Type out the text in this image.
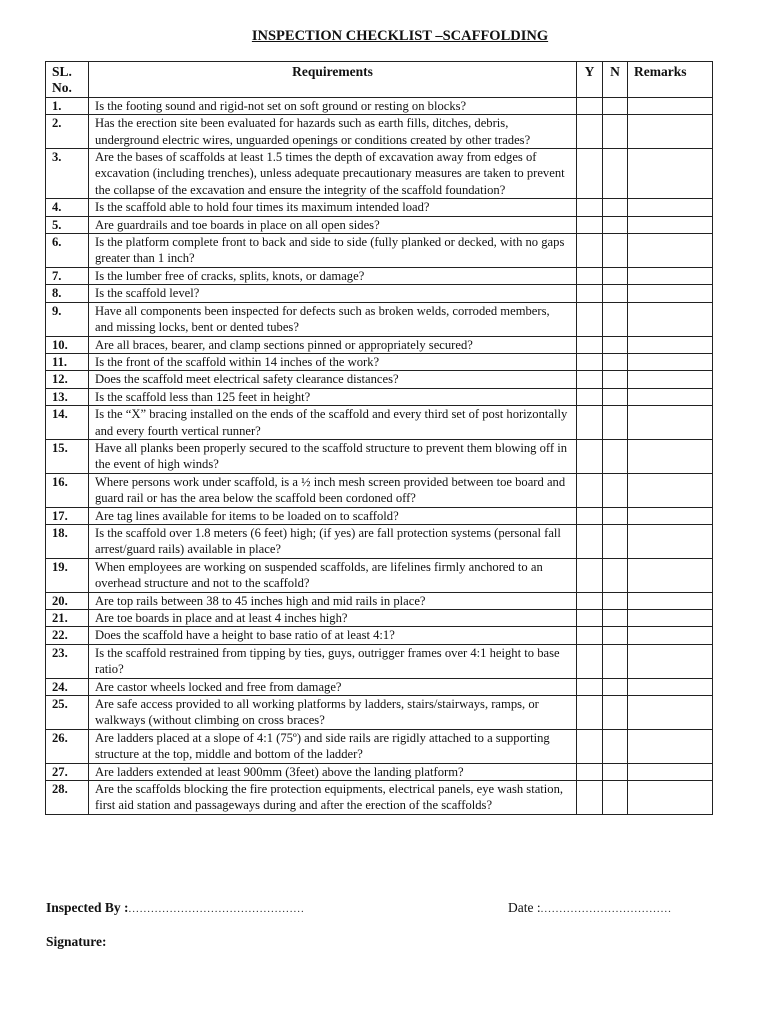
INSPECTION CHECKLIST –SCAFFOLDING
SL. No.	Requirements	Y	N	Remarks
1.	Is the footing sound and rigid-not set on soft ground or resting on blocks?			
2.	Has the erection site been evaluated for hazards such as earth fills, ditches, debris, underground electric wires, unguarded openings or conditions created by other trades?			
3.	Are the bases of scaffolds at least 1.5 times the depth of excavation away from edges of excavation (including trenches), unless adequate precautionary measures are taken to prevent the collapse of the excavation and ensure the integrity of the scaffold foundation?			
4.	Is the scaffold able to hold four times its maximum intended load?			
5.	Are guardrails and toe boards in place on all open sides?			
6.	Is the platform complete front to back and side to side (fully planked or decked, with no gaps greater than 1 inch?			
7.	Is the lumber free of cracks, splits, knots, or damage?			
8.	Is the scaffold level?			
9.	Have all components been inspected for defects such as broken welds, corroded members, and missing locks, bent or dented tubes?			
10.	Are all braces, bearer, and clamp sections pinned or appropriately secured?			
11.	Is the front of the scaffold within 14 inches of the work?			
12.	Does the scaffold meet electrical safety clearance distances?			
13.	Is the scaffold less than 125 feet in height?			
14.	Is the “X” bracing installed on the ends of the scaffold and every third set of post horizontally and every fourth vertical runner?			
15.	Have all planks been properly secured to the scaffold structure to prevent them blowing off in the event of high winds?			
16.	Where persons work under scaffold, is a ½ inch mesh screen provided between toe board and guard rail or has the area below the scaffold been cordoned off?			
17.	Are tag lines available for items to be loaded on to scaffold?			
18.	Is the scaffold over 1.8 meters (6 feet) high; (if yes) are fall protection systems (personal fall arrest/guard rails) available in place?			
19.	When employees are working on suspended scaffolds, are lifelines firmly anchored to an overhead structure and not to the scaffold?			
20.	Are top rails between 38 to 45 inches high and mid rails in place?			
21.	Are toe boards in place and at least 4 inches high?			
22.	Does the scaffold have a height to base ratio of at least 4:1?			
23.	Is the scaffold restrained from tipping by ties, guys, outrigger frames over 4:1 height to base ratio?			
24.	Are castor wheels locked and free from damage?			
25.	Are safe access provided to all working platforms by ladders, stairs/stairways, ramps, or walkways (without climbing on cross braces?			
26.	Are ladders placed at a slope of 4:1 (75º) and side rails are rigidly attached to a supporting structure at the top, middle and bottom of the ladder?			
27.	Are ladders extended at least 900mm (3feet) above the landing platform?			
28.	Are the scaffolds blocking the fire protection equipments, electrical panels, eye wash station, first aid station and passageways during and after the erection of the scaffolds?			
Inspected By :...............................................	Date :...................................
Signature:
